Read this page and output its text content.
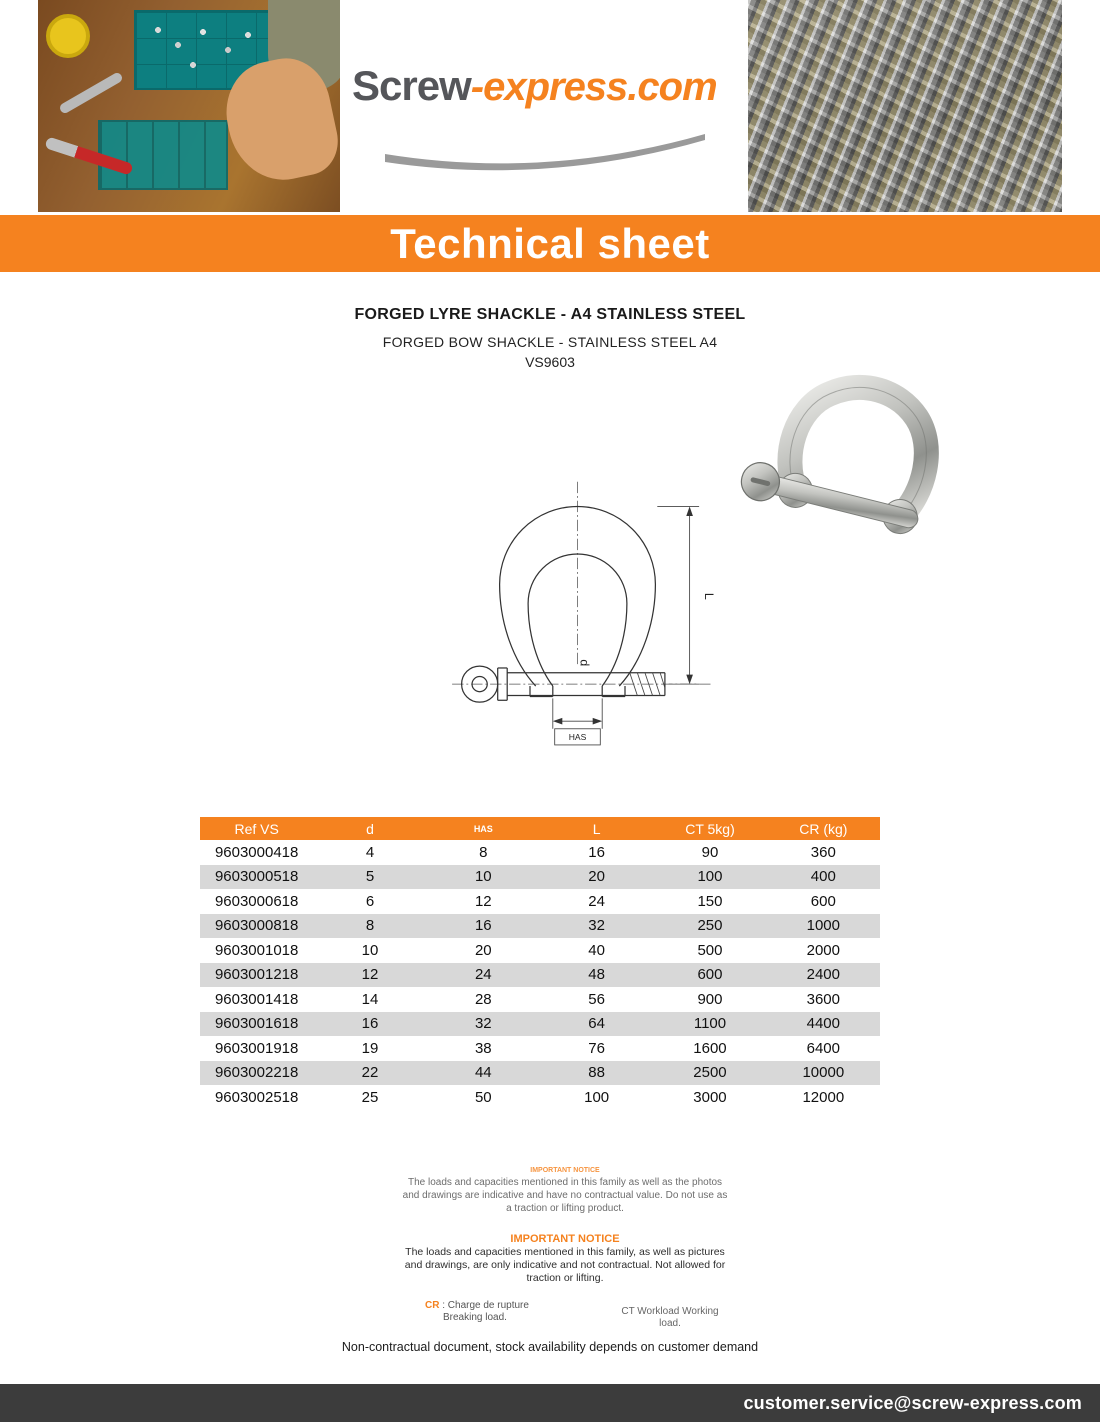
Screw-express.com
Technical sheet
FORGED LYRE SHACKLE - A4 STAINLESS STEEL
FORGED BOW SHACKLE - STAINLESS STEEL A4
VS9603
L
d
HAS
Ref VS	d	HAS	L	CT 5kg)	CR (kg)
9603000418	4	8	16	90	360
9603000518	5	10	20	100	400
9603000618	6	12	24	150	600
9603000818	8	16	32	250	1000
9603001018	10	20	40	500	2000
9603001218	12	24	48	600	2400
9603001418	14	28	56	900	3600
9603001618	16	32	64	1100	4400
9603001918	19	38	76	1600	6400
9603002218	22	44	88	2500	10000
9603002518	25	50	100	3000	12000
IMPORTANT NOTICE
The loads and capacities mentioned in this family as well as the photos and drawings are indicative and have no contractual value. Do not use as a traction or lifting product.
IMPORTANT NOTICE
The loads and capacities mentioned in this family, as well as pictures and drawings, are only indicative and not contractual. Not allowed for traction or lifting.
CR : Charge de rupture
Breaking load.
CT Workload Working load.
Non-contractual document, stock availability depends on customer demand
customer.service@screw-express.com
